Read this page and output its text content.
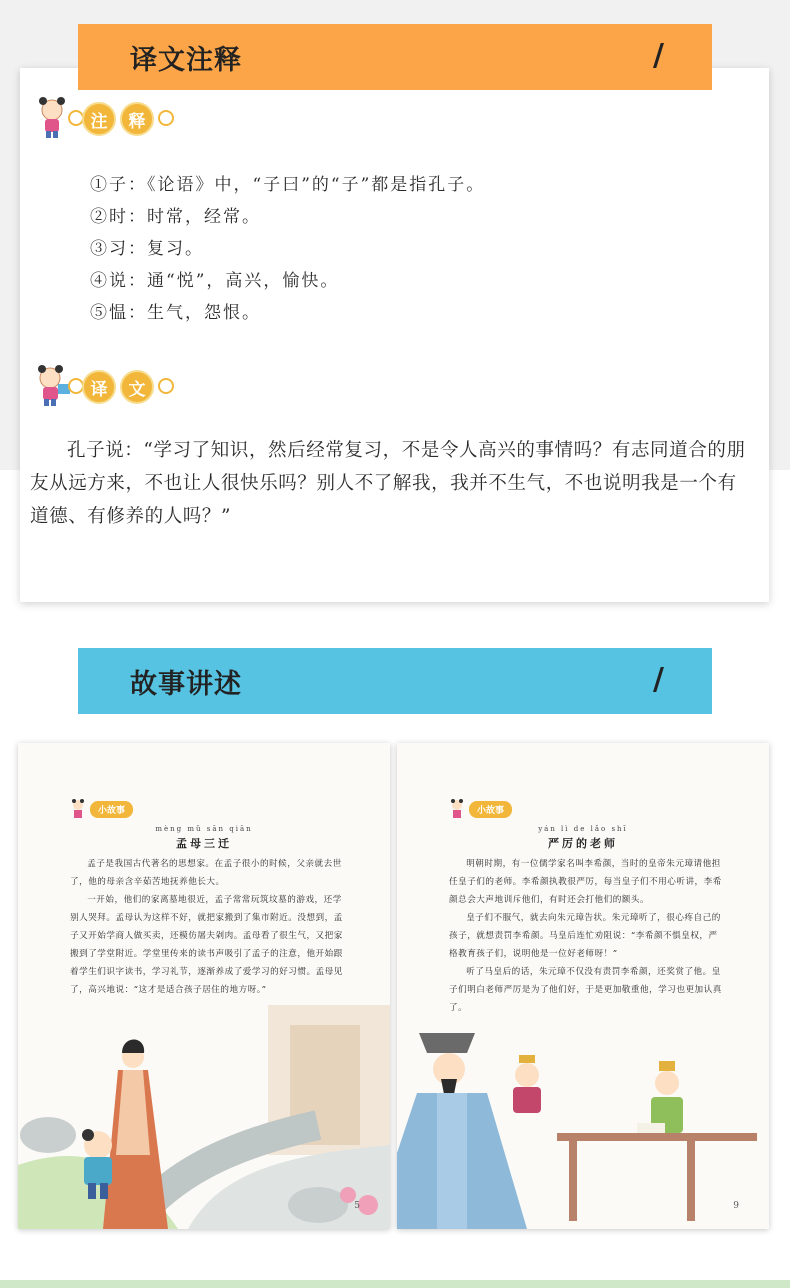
注	释
①子：《论语》中，“子曰”的“子”都是指孔子。
②时：时常，经常。
③习：复习。
④说：通“悦”，高兴，愉快。
⑤愠：生气，怨恨。
译	文
孔子说：“学习了知识，然后经常复习，不是令人高兴的事情吗？有志同道合的朋友从远方来，不也让人很快乐吗？别人不了解我，我并不生气，不也说明我是一个有道德、有修养的人吗？”
译文注释	/
故事讲述	/
小故事
mèng mǔ sān qiān
孟母三迁

孟子是我国古代著名的思想家。在孟子很小的时候，父亲就去世了，他的母亲含辛茹苦地抚养他长大。

一开始，他们的家离墓地很近，孟子常常玩筑坟墓的游戏，还学别人哭拜。孟母认为这样不好，就把家搬到了集市附近。没想到，孟子又开始学商人做买卖，还模仿屠夫剁肉。孟母看了很生气，又把家搬到了学堂附近。学堂里传来的读书声吸引了孟子的注意，他开始跟着学生们识字读书，学习礼节，逐渐养成了爱学习的好习惯。孟母见了，高兴地说：“这才是适合孩子居住的地方呀。”

5
小故事
yán lì de lǎo shī
严厉的老师

明朝时期，有一位儒学家名叫李希颜，当时的皇帝朱元璋请他担任皇子们的老师。李希颜执教很严厉，每当皇子们不用心听讲，李希颜总会大声地训斥他们，有时还会打他们的额头。

皇子们不服气，就去向朱元璋告状。朱元璋听了，很心疼自己的孩子，就想责罚李希颜。马皇后连忙劝阻说：“李希颜不惧皇权，严格教育孩子们，说明他是一位好老师呀！”

听了马皇后的话，朱元璋不仅没有责罚李希颜，还奖赏了他。皇子们明白老师严厉是为了他们好，于是更加敬重他，学习也更加认真了。

9
